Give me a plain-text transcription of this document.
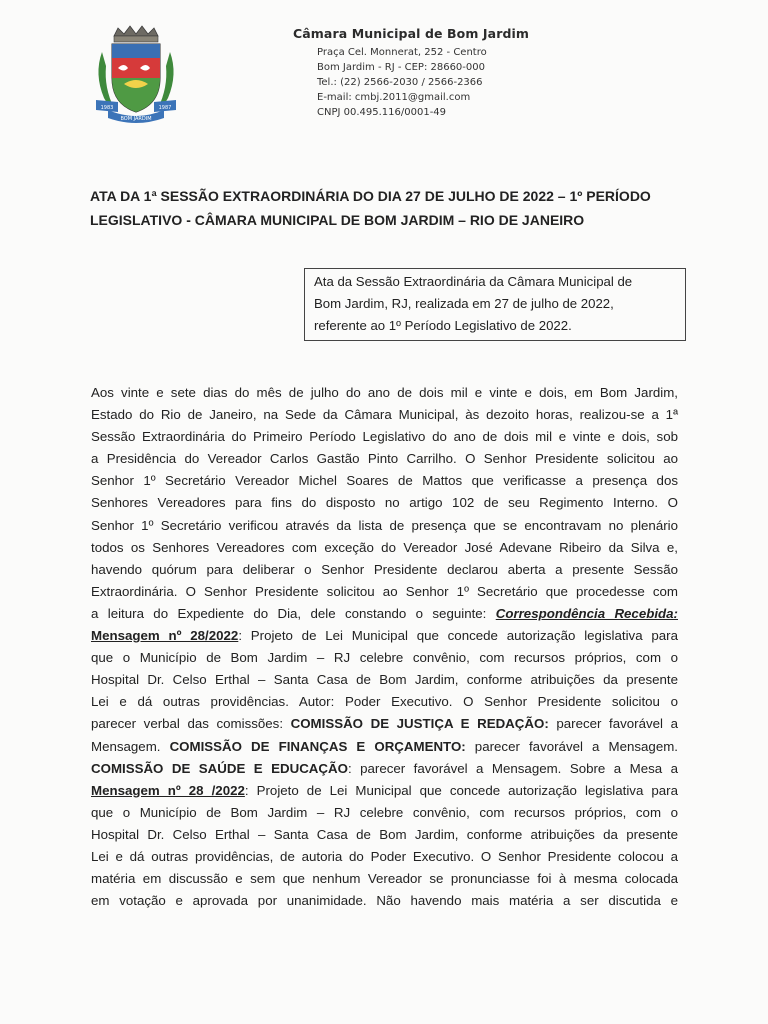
1983	1987
BOM JARDIM
Câmara Municipal de Bom Jardim
Praça Cel. Monnerat, 252 - Centro
Bom Jardim - RJ - CEP: 28660-000
Tel.: (22) 2566-2030 / 2566-2366
E-mail: cmbj.2011@gmail.com
CNPJ 00.495.116/0001-49
ATA DA 1ª SESSÃO EXTRAORDINÁRIA DO DIA 27 DE JULHO DE 2022 – 1º PERÍODO
LEGISLATIVO - CÂMARA MUNICIPAL DE BOM JARDIM – RIO DE JANEIRO
Ata da Sessão Extraordinária da Câmara Municipal de
Bom Jardim, RJ, realizada em 27 de julho de 2022,
referente ao 1º Período Legislativo de 2022.
Aos vinte e sete dias do mês de julho do ano de dois mil e vinte e dois, em Bom Jardim,
Estado do Rio de Janeiro, na Sede da Câmara Municipal, às dezoito horas, realizou-se a 1ª
Sessão Extraordinária do Primeiro Período Legislativo do ano de dois mil e vinte e dois, sob
a Presidência do Vereador Carlos Gastão Pinto Carrilho. O Senhor Presidente solicitou ao
Senhor 1º Secretário Vereador Michel Soares de Mattos que verificasse a presença dos
Senhores Vereadores para fins do disposto no artigo 102 de seu Regimento Interno. O
Senhor 1º Secretário verificou através da lista de presença que se encontravam no plenário
todos os Senhores Vereadores com exceção do Vereador José Adevane Ribeiro da Silva e,
havendo quórum para deliberar o Senhor Presidente declarou aberta a presente Sessão
Extraordinária. O Senhor Presidente solicitou ao Senhor 1º Secretário que procedesse com
a leitura do Expediente do Dia, dele constando o seguinte: Correspondência Recebida:
Mensagem nº 28/2022: Projeto de Lei Municipal que concede autorização legislativa para
que o Município de Bom Jardim – RJ celebre convênio, com recursos próprios, com o
Hospital Dr. Celso Erthal – Santa Casa de Bom Jardim, conforme atribuições da presente
Lei e dá outras providências. Autor: Poder Executivo. O Senhor Presidente solicitou o
parecer verbal das comissões: COMISSÃO DE JUSTIÇA E REDAÇÃO: parecer favorável a
Mensagem. COMISSÃO DE FINANÇAS E ORÇAMENTO: parecer favorável a Mensagem.
COMISSÃO DE SAÚDE E EDUCAÇÃO: parecer favorável a Mensagem. Sobre a Mesa a
Mensagem nº 28 /2022: Projeto de Lei Municipal que concede autorização legislativa para
que o Município de Bom Jardim – RJ celebre convênio, com recursos próprios, com o
Hospital Dr. Celso Erthal – Santa Casa de Bom Jardim, conforme atribuições da presente
Lei e dá outras providências, de autoria do Poder Executivo. O Senhor Presidente colocou a
matéria em discussão e sem que nenhum Vereador se pronunciasse foi à mesma colocada
em votação e aprovada por unanimidade. Não havendo mais matéria a ser discutida e
